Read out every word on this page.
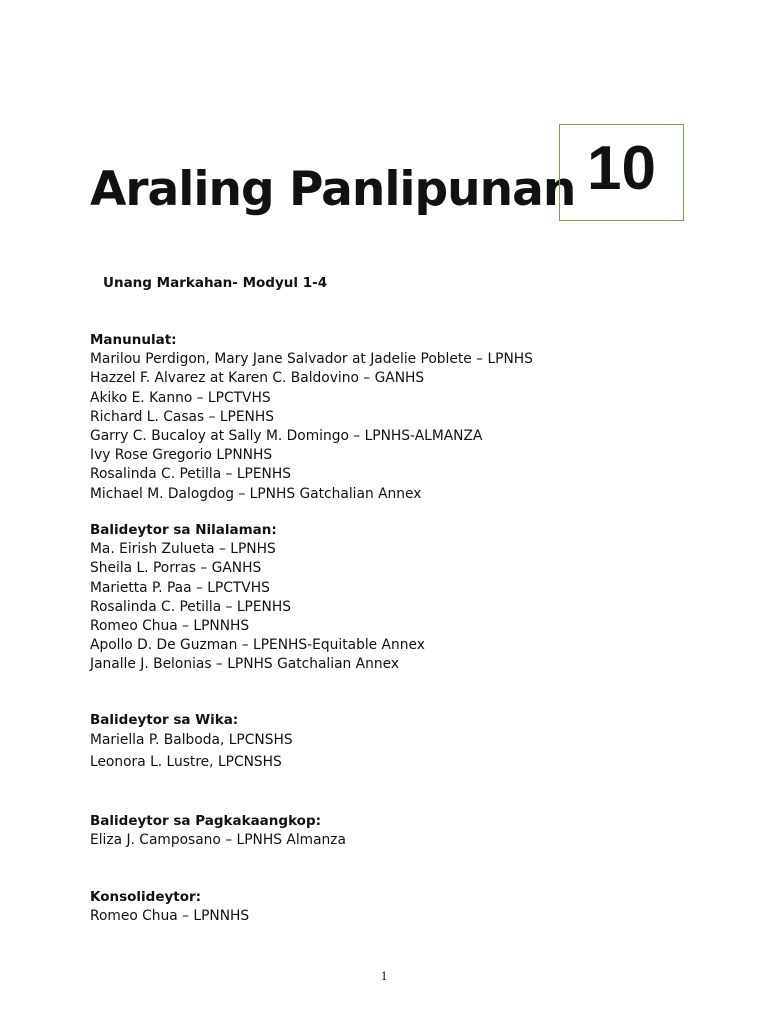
Araling Panlipunan 10
Unang Markahan- Modyul 1-4
Manunulat:
Marilou Perdigon, Mary Jane Salvador at Jadelie Poblete – LPNHS
Hazzel F. Alvarez at Karen C. Baldovino – GANHS
Akiko E. Kanno – LPCTVHS
Richard L. Casas – LPENHS
Garry C. Bucaloy at Sally M. Domingo – LPNHS-ALMANZA
Ivy Rose Gregorio LPNNHS
Rosalinda C. Petilla – LPENHS
Michael M. Dalogdog – LPNHS Gatchalian Annex
Balideytor sa Nilalaman:
Ma. Eirish Zulueta – LPNHS
Sheila L. Porras – GANHS
Marietta P. Paa – LPCTVHS
Rosalinda C. Petilla – LPENHS
Romeo Chua – LPNNHS
Apollo D. De Guzman – LPENHS-Equitable Annex
Janalle J. Belonias – LPNHS Gatchalian Annex
Balideytor sa Wika:
Mariella P. Balboda, LPCNSHS
Leonora L. Lustre, LPCNSHS
Balideytor sa Pagkakaangkop:
Eliza J. Camposano – LPNHS Almanza
Konsolideytor:
Romeo Chua – LPNNHS
1
